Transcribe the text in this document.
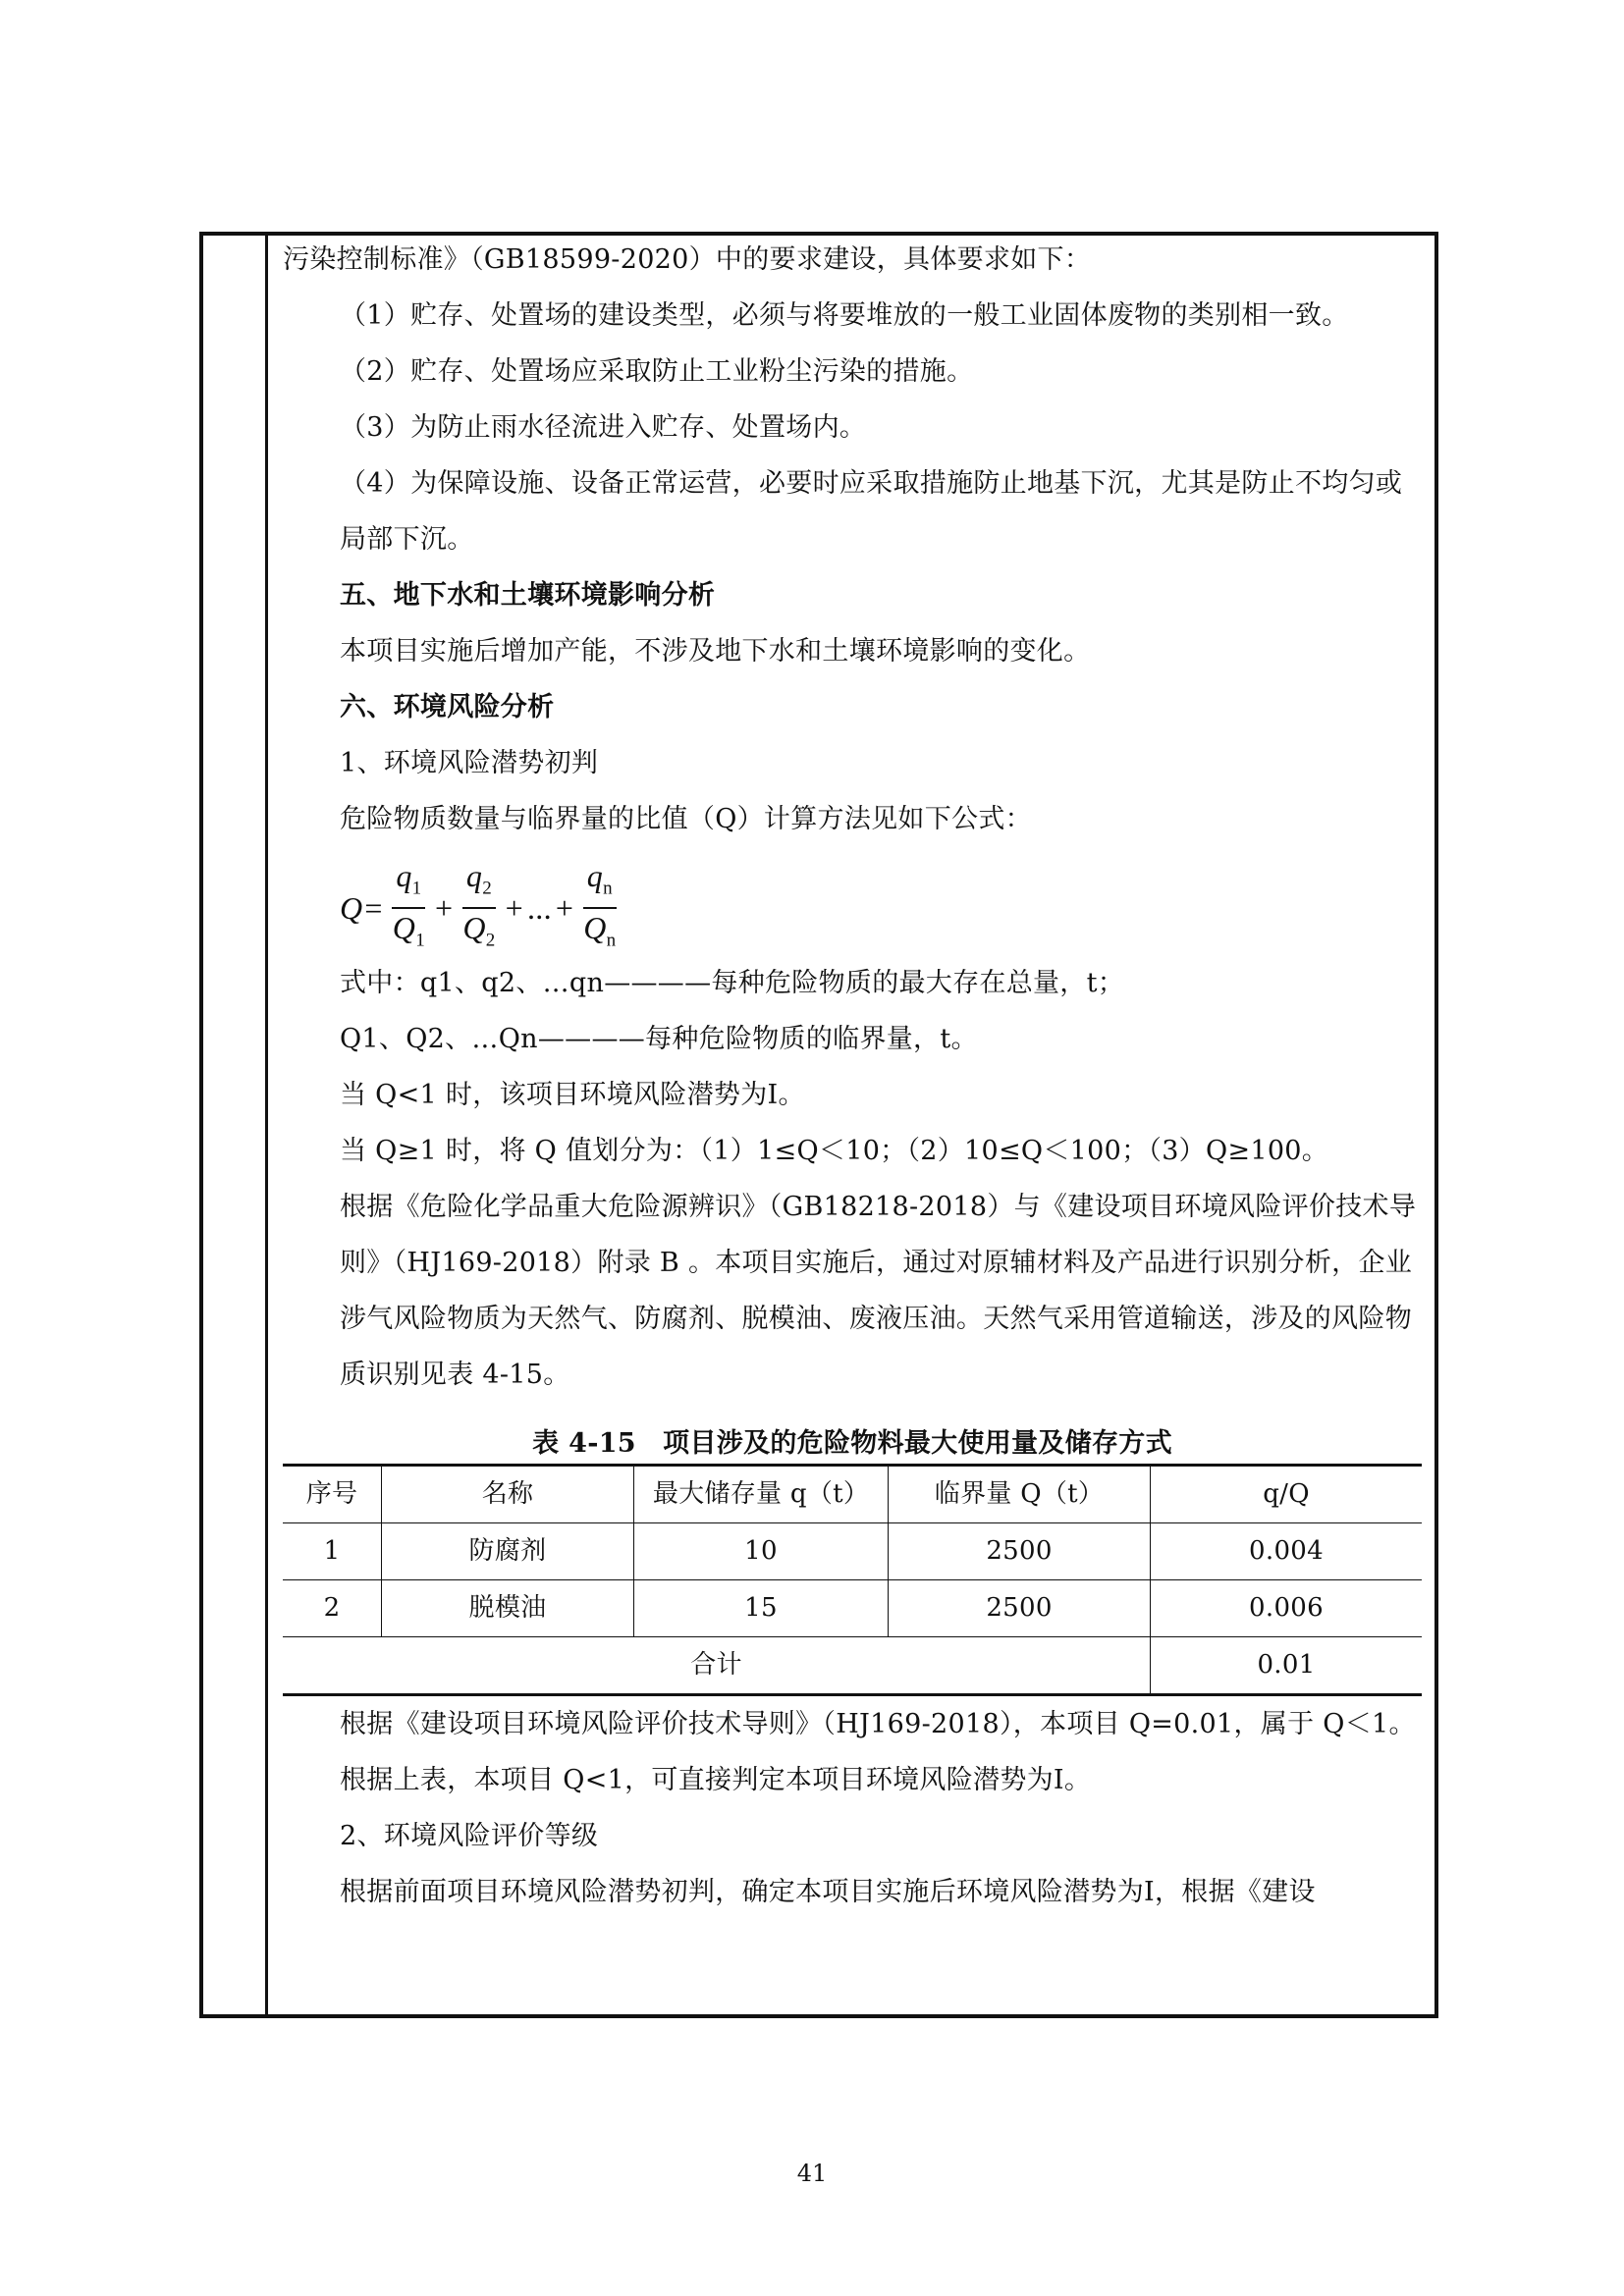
污染控制标准》（GB18599-2020）中的要求建设，具体要求如下：

（1）贮存、处置场的建设类型，必须与将要堆放的一般工业固体废物的类别相一致。

（2）贮存、处置场应采取防止工业粉尘污染的措施。

（3）为防止雨水径流进入贮存、处置场内。

（4）为保障设施、设备正常运营，必要时应采取措施防止地基下沉，尤其是防止不均匀或局部下沉。

五、地下水和土壤环境影响分析

本项目实施后增加产能，不涉及地下水和土壤环境影响的变化。

六、环境风险分析

1、环境风险潜势初判

危险物质数量与临界量的比值（Q）计算方法见如下公式：

$Q = \frac{q_1}{Q_1} + \frac{q_2}{Q_2}$ + ... + $\frac{q_n}{Q_n}$

式中：q1、q2、…qn————每种危险物质的最大存在总量，t；

Q1、Q2、…Qn————每种危险物质的临界量，t。

当 Q<1 时，该项目环境风险潜势为Ⅰ。

当 Q≥1 时，将 Q 值划分为：（1）1≤Q＜10；（2）10≤Q＜100；（3）Q≥100。

根据《危险化学品重大危险源辨识》（GB18218-2018）与《建设项目环境风险评价技术导则》（HJ169-2018）附录 B 。本项目实施后，通过对原辅材料及产品进行识别分析，企业涉气风险物质为天然气、防腐剂、脱模油、废液压油。天然气采用管道输送，涉及的风险物质识别见表 4-15。

表 4-15　项目涉及的危险物料最大使用量及储存方式
序号	名称	最大储存量 q（t）	临界量 Q（t）	q/Q
1	防腐剂	10	2500	0.004
2	脱模油	15	2500	0.006
合计				0.01

根据《建设项目环境风险评价技术导则》（HJ169-2018），本项目 Q=0.01，属于 Q＜1。

根据上表，本项目 Q<1，可直接判定本项目环境风险潜势为Ⅰ。

2、环境风险评价等级

根据前面项目环境风险潜势初判，确定本项目实施后环境风险潜势为Ⅰ，根据《建设

41
